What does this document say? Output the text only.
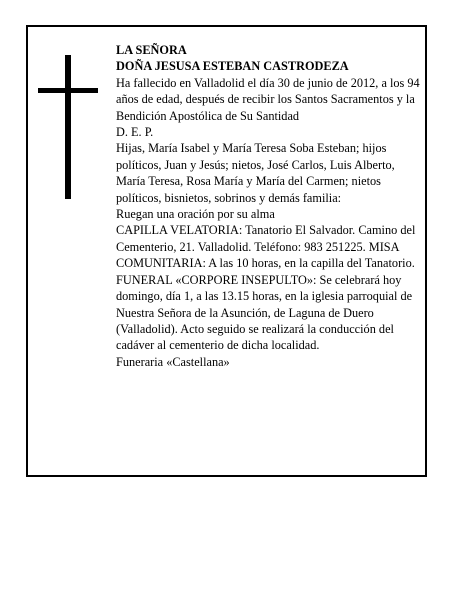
LA SEÑORA

DOÑA JESUSA ESTEBAN CASTRODEZA

Ha fallecido en Valladolid el día 30 de junio de 2012, a los 94 años de edad, después de recibir los Santos Sacramentos y la Bendición Apostólica de Su Santidad

D. E. P.

Hijas, María Isabel y María Teresa Soba Esteban; hijos políticos, Juan y Jesús; nietos, José Carlos, Luis Alberto, María Teresa, Rosa María y María del Carmen; nietos políticos, bisnietos, sobrinos y demás familia:

Ruegan una oración por su alma

CAPILLA VELATORIA: Tanatorio El Salvador. Camino del Cementerio, 21. Valladolid. Teléfono: 983 251225. MISA COMUNITARIA: A las 10 horas, en la capilla del Tanatorio.

FUNERAL «CORPORE INSEPULTO»: Se celebrará hoy domingo, día 1, a las 13.15 horas, en la iglesia parroquial de Nuestra Señora de la Asunción, de Laguna de Duero (Valladolid). Acto seguido se realizará la conducción del cadáver al cementerio de dicha localidad.

Funeraria «Castellana»
